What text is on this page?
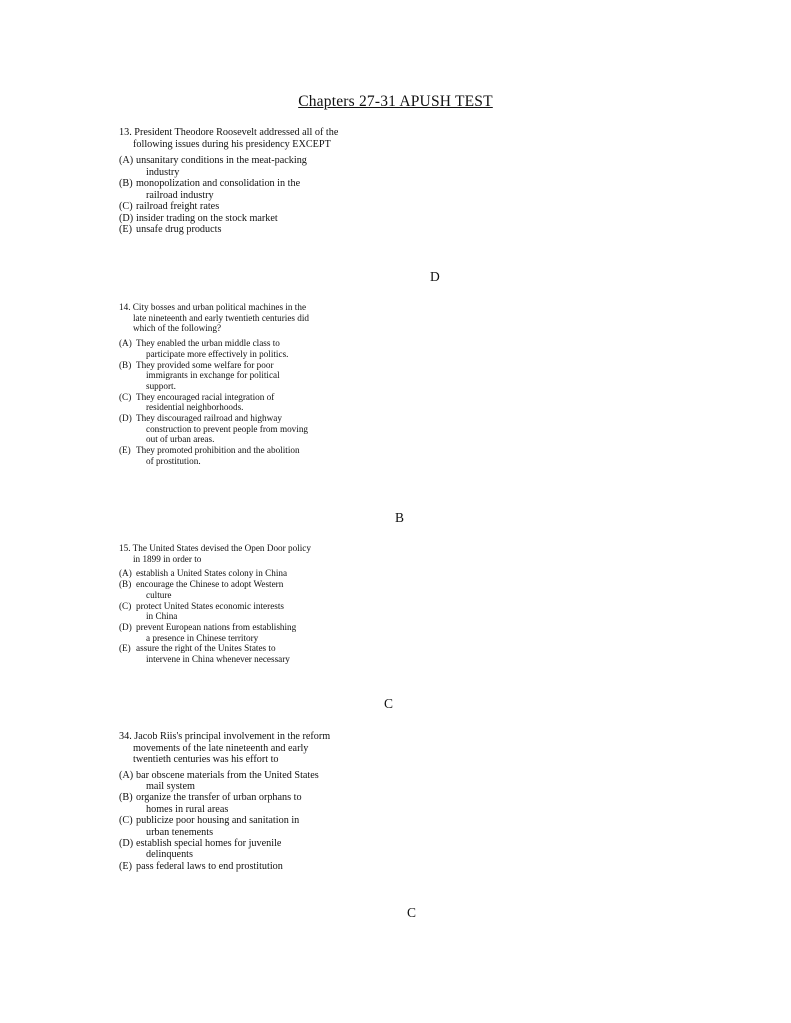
Chapters 27-31 APUSH TEST
13. President Theodore Roosevelt addressed all of the
following issues during his presidency EXCEPT
(A) unsanitary conditions in the meat-packing
industry
(B) monopolization and consolidation in the
railroad industry
(C) railroad freight rates
(D) insider trading on the stock market
(E) unsafe drug products
D
14. City bosses and urban political machines in the
late nineteenth and early twentieth centuries did
which of the following?
(A) They enabled the urban middle class to
participate more effectively in politics.
(B) They provided some welfare for poor
immigrants in exchange for political
support.
(C) They encouraged racial integration of
residential neighborhoods.
(D) They discouraged railroad and highway
construction to prevent people from moving
out of urban areas.
(E) They promoted prohibition and the abolition
of prostitution.
B
15. The United States devised the Open Door policy
in 1899 in order to
(A) establish a United States colony in China
(B) encourage the Chinese to adopt Western
culture
(C) protect United States economic interests
in China
(D) prevent European nations from establishing
a presence in Chinese territory
(E) assure the right of the Unites States to
intervene in China whenever necessary
C
34. Jacob Riis's principal involvement in the reform
movements of the late nineteenth and early
twentieth centuries was his effort to
(A) bar obscene materials from the United States
mail system
(B) organize the transfer of urban orphans to
homes in rural areas
(C) publicize poor housing and sanitation in
urban tenements
(D) establish special homes for juvenile
delinquents
(E) pass federal laws to end prostitution
C
